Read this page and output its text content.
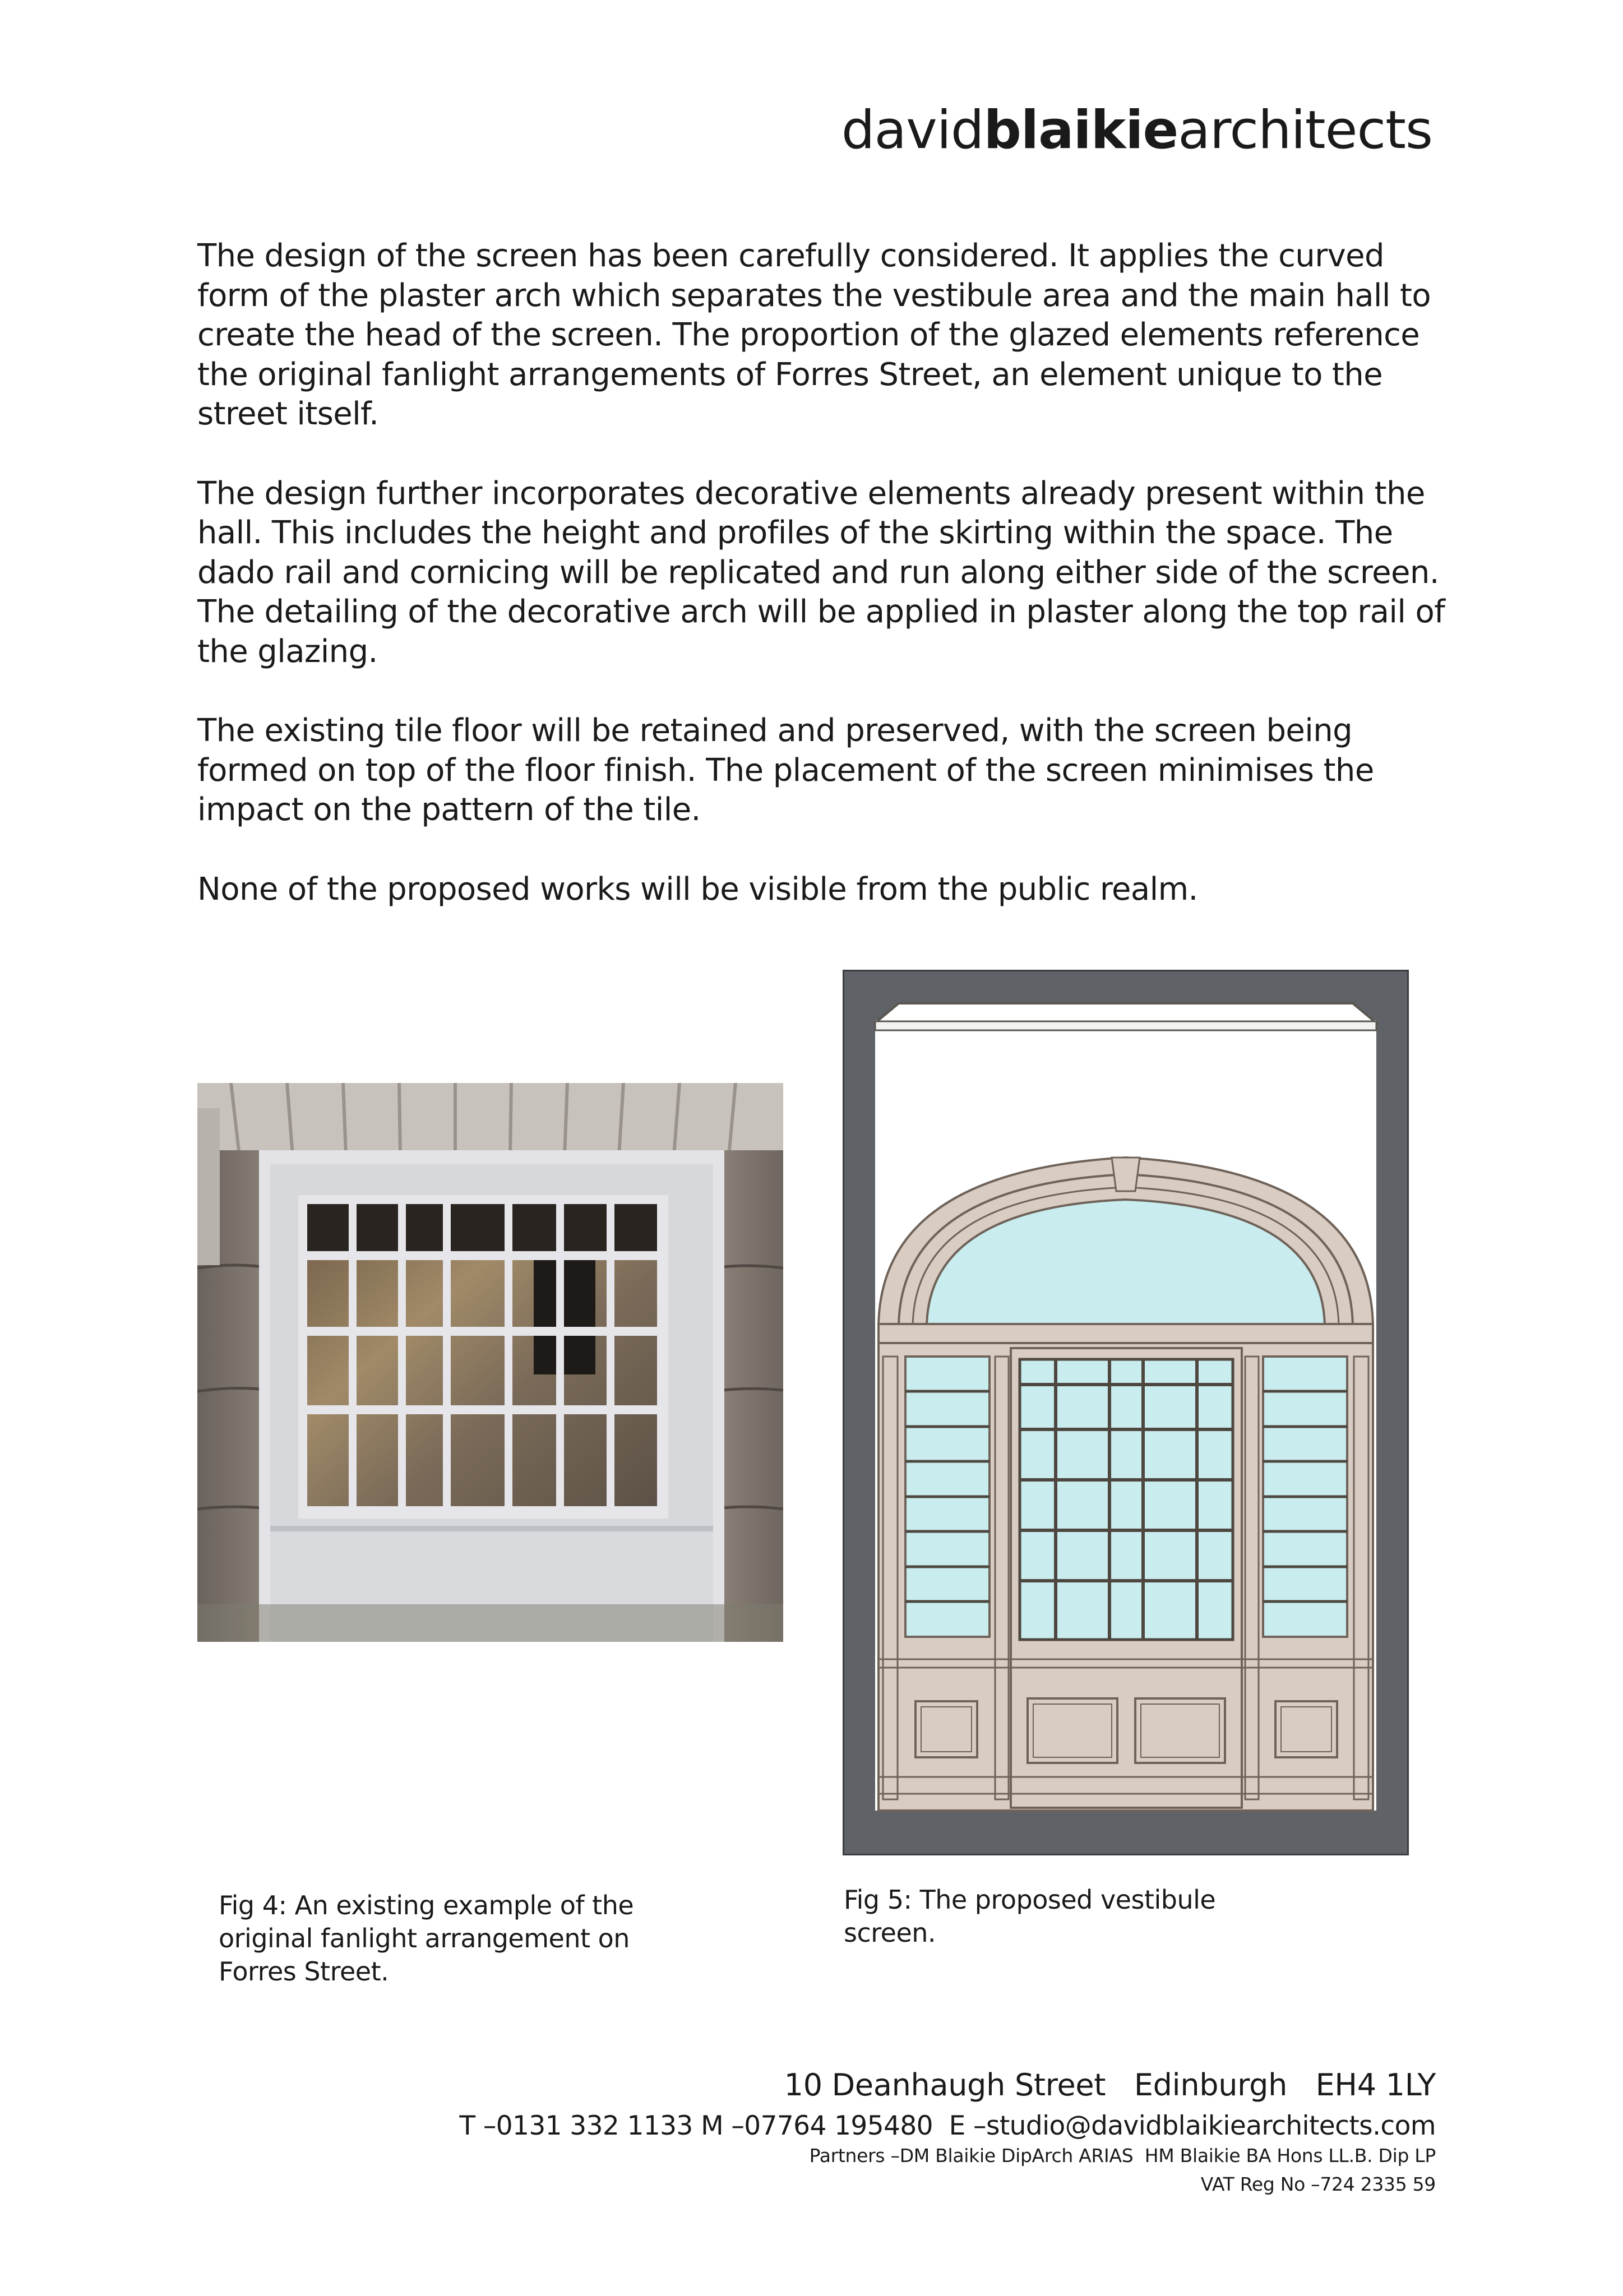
davidblaikiearchitects

The design of the screen has been carefully considered. It applies the curved form of the plaster arch which separates the vestibule area and the main hall to create the head of the screen. The proportion of the glazed elements reference the original fanlight arrangements of Forres Street, an element unique to the street itself.

The design further incorporates decorative elements already present within the hall. This includes the height and profiles of the skirting within the space. The dado rail and cornicing will be replicated and run along either side of the screen. The detailing of the decorative arch will be applied in plaster along the top rail of the glazing.

The existing tile floor will be retained and preserved, with the screen being formed on top of the floor finish. The placement of the screen minimises the impact on the pattern of the tile.

None of the proposed works will be visible from the public realm.

Fig 4: An existing example of the original fanlight arrangement on Forres Street.
Fig 5: The proposed vestibule screen.
10 Deanhaugh Street   Edinburgh   EH4 1LY
T –0131 332 1133 M –07764 195480  E –studio@davidblaikiearchitects.com
Partners –DM Blaikie DipArch ARIAS  HM Blaikie BA Hons LL.B. Dip LP
VAT Reg No –724 2335 59
